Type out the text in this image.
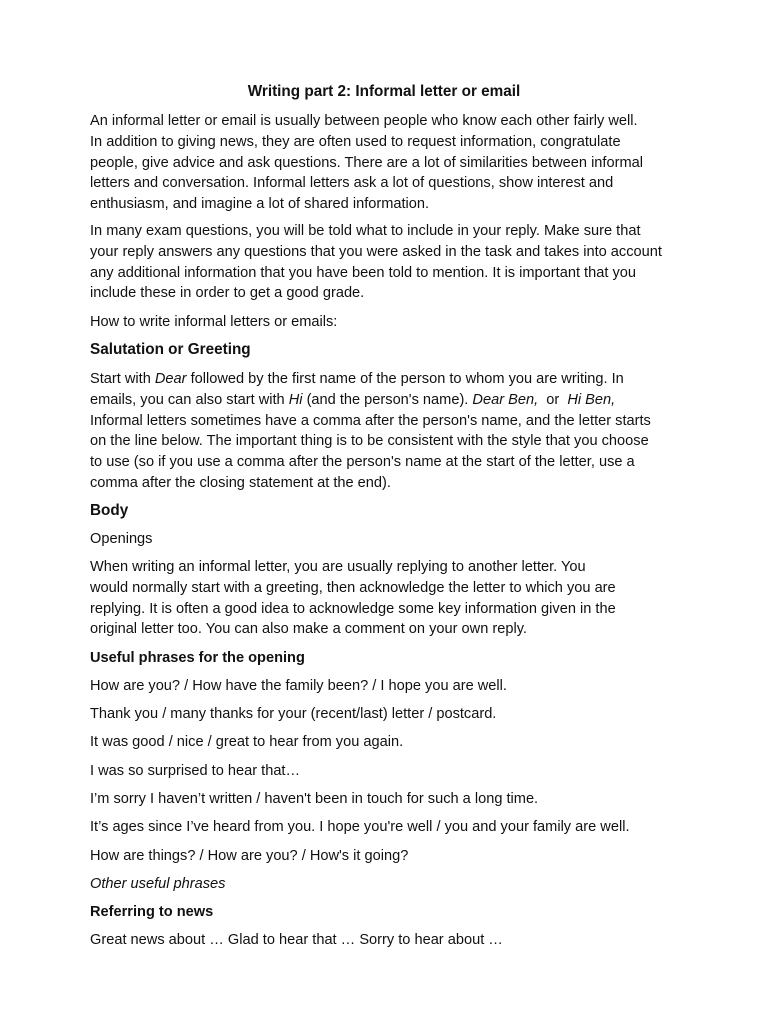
Writing part 2: Informal letter or email
An informal letter or email is usually between people who know each other fairly well.
In addition to giving news, they are often used to request information, congratulate
people, give advice and ask questions. There are a lot of similarities between informal
letters and conversation. Informal letters ask a lot of questions, show interest and
enthusiasm, and imagine a lot of shared information.
In many exam questions, you will be told what to include in your reply. Make sure that
your reply answers any questions that you were asked in the task and takes into account
any additional information that you have been told to mention. It is important that you
include these in order to get a good grade.
How to write informal letters or emails:
Salutation or Greeting
Start with Dear followed by the first name of the person to whom you are writing. In
emails, you can also start with Hi (and the person's name). Dear Ben,  or  Hi Ben,
Informal letters sometimes have a comma after the person's name, and the letter starts
on the line below. The important thing is to be consistent with the style that you choose
to use (so if you use a comma after the person's name at the start of the letter, use a
comma after the closing statement at the end).
Body
Openings
When writing an informal letter, you are usually replying to another letter. You
would normally start with a greeting, then acknowledge the letter to which you are
replying. It is often a good idea to acknowledge some key information given in the
original letter too. You can also make a comment on your own reply.
Useful phrases for the opening
How are you? / How have the family been? / I hope you are well.
Thank you / many thanks for your (recent/last) letter / postcard.
It was good / nice / great to hear from you again.
I was so surprised to hear that…
I’m sorry I haven’t written / haven't been in touch for such a long time.
It’s ages since I’ve heard from you. I hope you're well / you and your family are well.
How are things? / How are you? / How's it going?
Other useful phrases
Referring to news
Great news about … Glad to hear that … Sorry to hear about …
